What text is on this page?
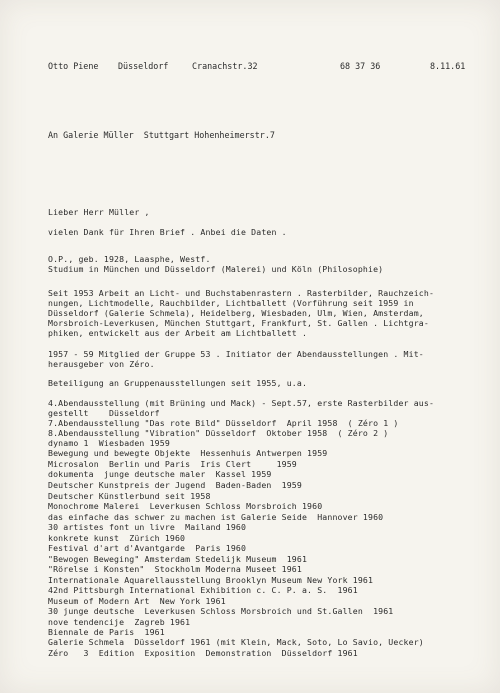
Otto Piene Düsseldorf	Cranachstr.32	68 37 36	8.11.61
An Galerie Müller  Stuttgart Hohenheimerstr.7
Lieber Herr Müller ,
vielen Dank für Ihren Brief . Anbei die Daten .
O.P., geb. 1928, Laasphe, Westf.
Studium in München und Düsseldorf (Malerei) und Köln (Philosophie)
Seit 1953 Arbeit an Licht- und Buchstabenrastern . Rasterbilder, Rauchzeich-
nungen, Lichtmodelle, Rauchbilder, Lichtballett (Vorführung seit 1959 in
Düsseldorf (Galerie Schmela), Heidelberg, Wiesbaden, Ulm, Wien, Amsterdam,
Morsbroich-Leverkusen, München Stuttgart, Frankfurt, St. Gallen . Lichtgra-
phiken, entwickelt aus der Arbeit am Lichtballett .
1957 - 59 Mitglied der Gruppe 53 . Initiator der Abendausstellungen . Mit-
herausgeber von Zéro.
Beteiligung an Gruppenausstellungen seit 1955, u.a.
4.Abendausstellung (mit Brüning und Mack) - Sept.57, erste Rasterbilder aus-
gestellt    Düsseldorf
7.Abendausstellung "Das rote Bild" Düsseldorf  April 1958  ( Zéro 1 )
8.Abendausstellung "Vibration" Düsseldorf  Oktober 1958  ( Zéro 2 )
dynamo 1  Wiesbaden 1959
Bewegung und bewegte Objekte  Hessenhuis Antwerpen 1959
Microsalon  Berlin und Paris  Iris Clert     1959
dokumenta  junge deutsche maler  Kassel 1959
Deutscher Kunstpreis der Jugend  Baden-Baden  1959
Deutscher Künstlerbund seit 1958
Monochrome Malerei  Leverkusen Schloss Morsbroich 1960
das einfache das schwer zu machen ist Galerie Seide  Hannover 1960
30 artistes font un livre  Mailand 1960
konkrete kunst  Zürich 1960
Festival d'art d'Avantgarde  Paris 1960
"Bewogen Beweging" Amsterdam Stedelijk Museum  1961
"Rörelse i Konsten"  Stockholm Moderna Museet 1961
Internationale Aquarellausstellung Brooklyn Museum New York 1961
42nd Pittsburgh International Exhibition c. C. P. a. S.  1961
Museum of Modern Art  New York 1961
30 junge deutsche  Leverkusen Schloss Morsbroich und St.Gallen  1961
nove tendencije  Zagreb 1961
Biennale de Paris  1961
Galerie Schmela  Düsseldorf 1961 (mit Klein, Mack, Soto, Lo Savio, Uecker)
Zéro   3  Edition  Exposition  Demonstration  Düsseldorf 1961
